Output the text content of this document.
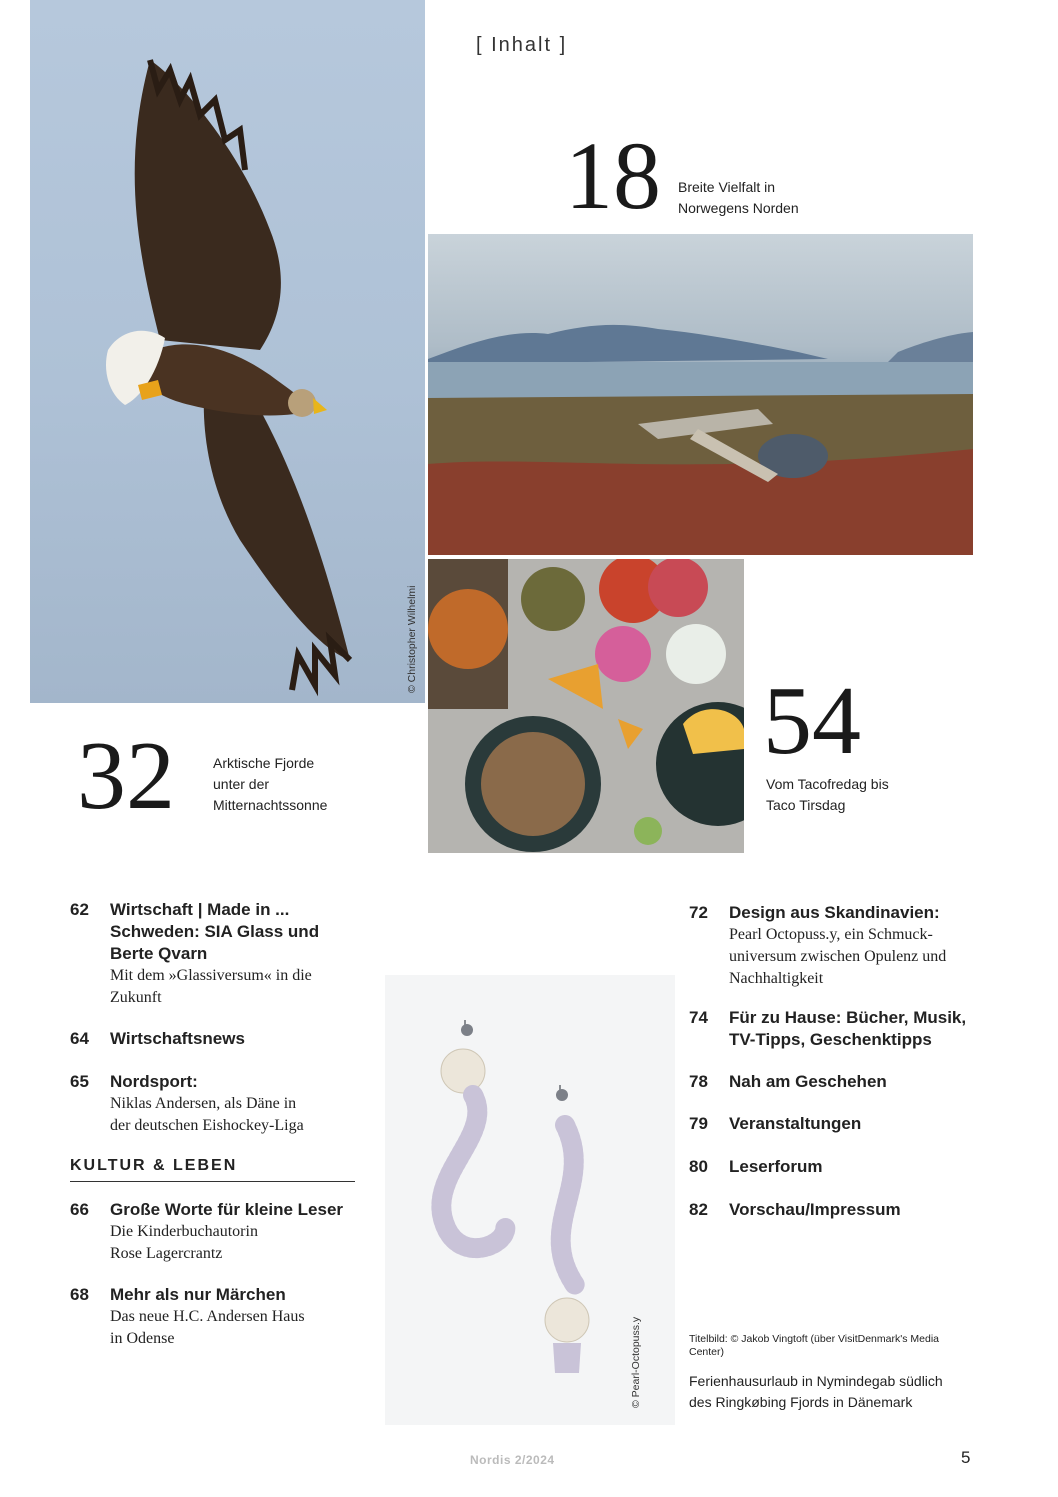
© Christopher Wilhelmi
[ Inhalt ]
18 Breite Vielfalt in
Norwegens Norden
54
Vom Tacofredag bis
Taco Tirsdag
32	Arktische Fjorde
unter der
Mitternachtssonne
© Pearl-Octopuss.y
62 Wirtschaft | Made in ...
Schweden: SIA Glass und
Berte Qvarn
Mit dem »Glassiversum« in die
Zukunft
64 Wirtschaftsnews
65 Nordsport:
Niklas Andersen, als Däne in
der deutschen Eishockey-Liga
KULTUR & LEBEN
66 Große Worte für kleine Leser
Die Kinderbuchautorin
Rose Lagercrantz
68 Mehr als nur Märchen
Das neue H.C. Andersen Haus
in Odense
72 Design aus Skandinavien:
Pearl Octopuss.y, ein Schmuck-
universum zwischen Opulenz und
Nachhaltigkeit
74 Für zu Hause: Bücher, Musik,
TV-Tipps, Geschenktipps
78 Nah am Geschehen
79 Veranstaltungen
80 Leserforum
82 Vorschau/Impressum
Titelbild: © Jakob Vingtoft (über VisitDenmark's Media Center)
Ferienhausurlaub in Nymindegab südlich
des Ringkøbing Fjords in Dänemark
Nordis 2/2024	5
